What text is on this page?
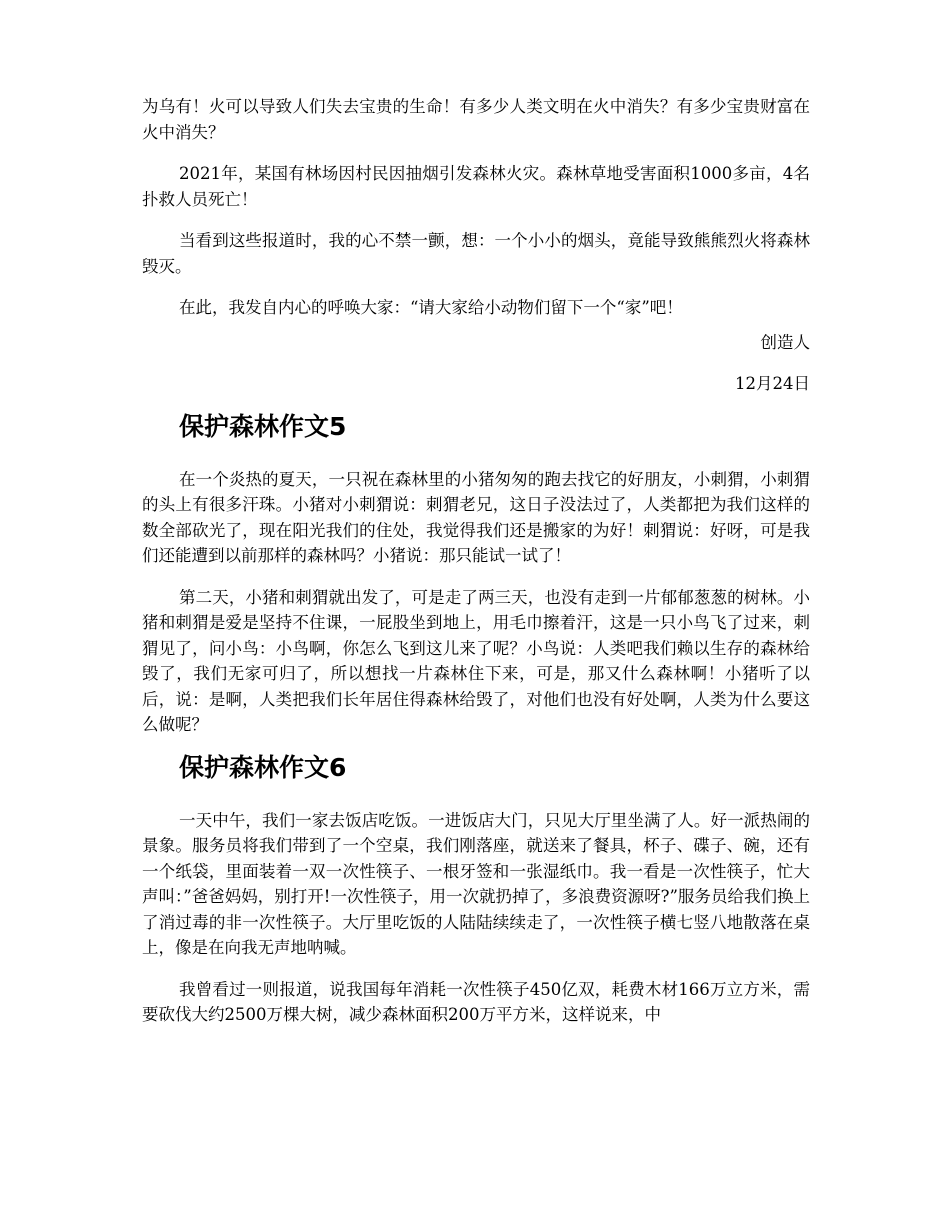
为乌有！火可以导致人们失去宝贵的生命！有多少人类文明在火中消失？有多少宝贵财富在火中消失？

2021年，某国有林场因村民因抽烟引发森林火灾。森林草地受害面积1000多亩，4名扑救人员死亡！

当看到这些报道时，我的心不禁一颤，想：一个小小的烟头，竟能导致熊熊烈火将森林毁灭。

在此，我发自内心的呼唤大家：“请大家给小动物们留下一个“家”吧！

创造人

12月24日

保护森林作文5

在一个炎热的夏天，一只祝在森林里的小猪匆匆的跑去找它的好朋友，小刺猬，小刺猬的头上有很多汗珠。小猪对小刺猬说：刺猬老兄，这日子没法过了，人类都把为我们这样的数全部砍光了，现在阳光我们的住处，我觉得我们还是搬家的为好！刺猬说：好呀，可是我们还能遭到以前那样的森林吗？小猪说：那只能试一试了！

第二天，小猪和刺猬就出发了，可是走了两三天，也没有走到一片郁郁葱葱的树林。小猪和刺猬是爱是坚持不住课，一屁股坐到地上，用毛巾擦着汗，这是一只小鸟飞了过来，刺猬见了，问小鸟：小鸟啊，你怎么飞到这儿来了呢？小鸟说：人类吧我们赖以生存的森林给毁了，我们无家可归了，所以想找一片森林住下来，可是，那又什么森林啊！小猪听了以后，说：是啊，人类把我们长年居住得森林给毁了，对他们也没有好处啊，人类为什么要这么做呢？

保护森林作文6

一天中午，我们一家去饭店吃饭。一进饭店大门，只见大厅里坐满了人。好一派热闹的景象。服务员将我们带到了一个空桌，我们刚落座，就送来了餐具，杯子、碟子、碗，还有一个纸袋，里面装着一双一次性筷子、一根牙签和一张湿纸巾。我一看是一次性筷子，忙大声叫：”爸爸妈妈，别打开!一次性筷子，用一次就扔掉了，多浪费资源呀?”服务员给我们换上了消过毒的非一次性筷子。大厅里吃饭的人陆陆续续走了，一次性筷子横七竖八地散落在桌上，像是在向我无声地呐喊。

我曾看过一则报道，说我国每年消耗一次性筷子450亿双，耗费木材166万立方米，需要砍伐大约2500万棵大树，减少森林面积200万平方米，这样说来，中
